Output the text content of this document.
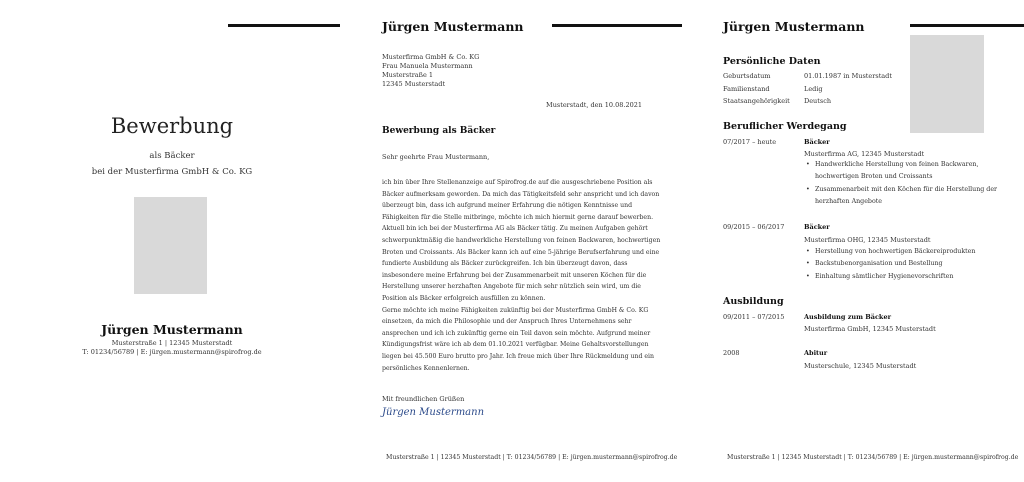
Bewerbung
als Bäcker
bei der Musterfirma GmbH & Co. KG
Jürgen Mustermann
Musterstraße 1 | 12345 Musterstadt
T: 01234/56789 | E: jürgen.mustermann@spirofrog.de
Jürgen Mustermann
Musterfirma GmbH & Co. KG
Frau Manuela Mustermann
Musterstraße 1
12345 Musterstadt
Musterstadt, den 10.08.2021
Bewerbung als Bäcker
Sehr geehrte Frau Mustermann,
ich bin über Ihre Stellenanzeige auf Spirofrog.de auf die ausgeschriebene Position als
Bäcker aufmerksam geworden. Da mich das Tätigkeitsfeld sehr anspricht und ich davon
überzeugt bin, dass ich aufgrund meiner Erfahrung die nötigen Kenntnisse und
Fähigkeiten für die Stelle mitbringe, möchte ich mich hiermit gerne darauf bewerben.
Aktuell bin ich bei der Musterfirma AG als Bäcker tätig. Zu meinen Aufgaben gehört
schwerpunktmäßig die handwerkliche Herstellung von feinen Backwaren, hochwertigen
Broten und Croissants. Als Bäcker kann ich auf eine 5-jährige Berufserfahrung und eine
fundierte Ausbildung als Bäcker zurückgreifen. Ich bin überzeugt davon, dass
insbesondere meine Erfahrung bei der Zusammenarbeit mit unseren Köchen für die
Herstellung unserer herzhaften Angebote für mich sehr nützlich sein wird, um die
Position als Bäcker erfolgreich ausfüllen zu können.
Gerne möchte ich meine Fähigkeiten zukünftig bei der Musterfirma GmbH & Co. KG
einsetzen, da mich die Philosophie und der Anspruch Ihres Unternehmens sehr
ansprechen und ich ich zukünftig gerne ein Teil davon sein möchte. Aufgrund meiner
Kündigungsfrist wäre ich ab dem 01.10.2021 verfügbar. Meine Gehaltsvorstellungen
liegen bei 45.500 Euro brutto pro Jahr. Ich freue mich über Ihre Rückmeldung und ein
persönliches Kennenlernen.
Mit freundlichen Grüßen
Jürgen Mustermann
Musterstraße 1 | 12345 Musterstadt | T: 01234/56789 | E: jürgen.mustermann@spirofrog.de
Jürgen Mustermann
Persönliche Daten
Geburtsdatum	01.01.1987 in Musterstadt
Familienstand	Ledig
Staatsangehörigkeit Deutsch
Beruflicher Werdegang
07/2017 – heute	Bäcker
Musterfirma AG, 12345 Musterstadt
• Handwerkliche Herstellung von feinen Backwaren,
hochwertigen Broten und Croissants
• Zusammenarbeit mit den Köchen für die Herstellung der
herzhaften Angebote
09/2015 – 06/2017	Bäcker
Musterfirma OHG, 12345 Musterstadt
• Herstellung von hochwertigen Bäckereiprodukten
• Backstubenorganisation und Bestellung
• Einhaltung sämtlicher Hygienevorschriften
Ausbildung
09/2011 – 07/2015	Ausbildung zum Bäcker
Musterfirma GmbH, 12345 Musterstadt
2008	Abitur
Musterschule, 12345 Musterstadt
Musterstraße 1 | 12345 Musterstadt | T: 01234/56789 | E: jürgen.mustermann@spirofrog.de
